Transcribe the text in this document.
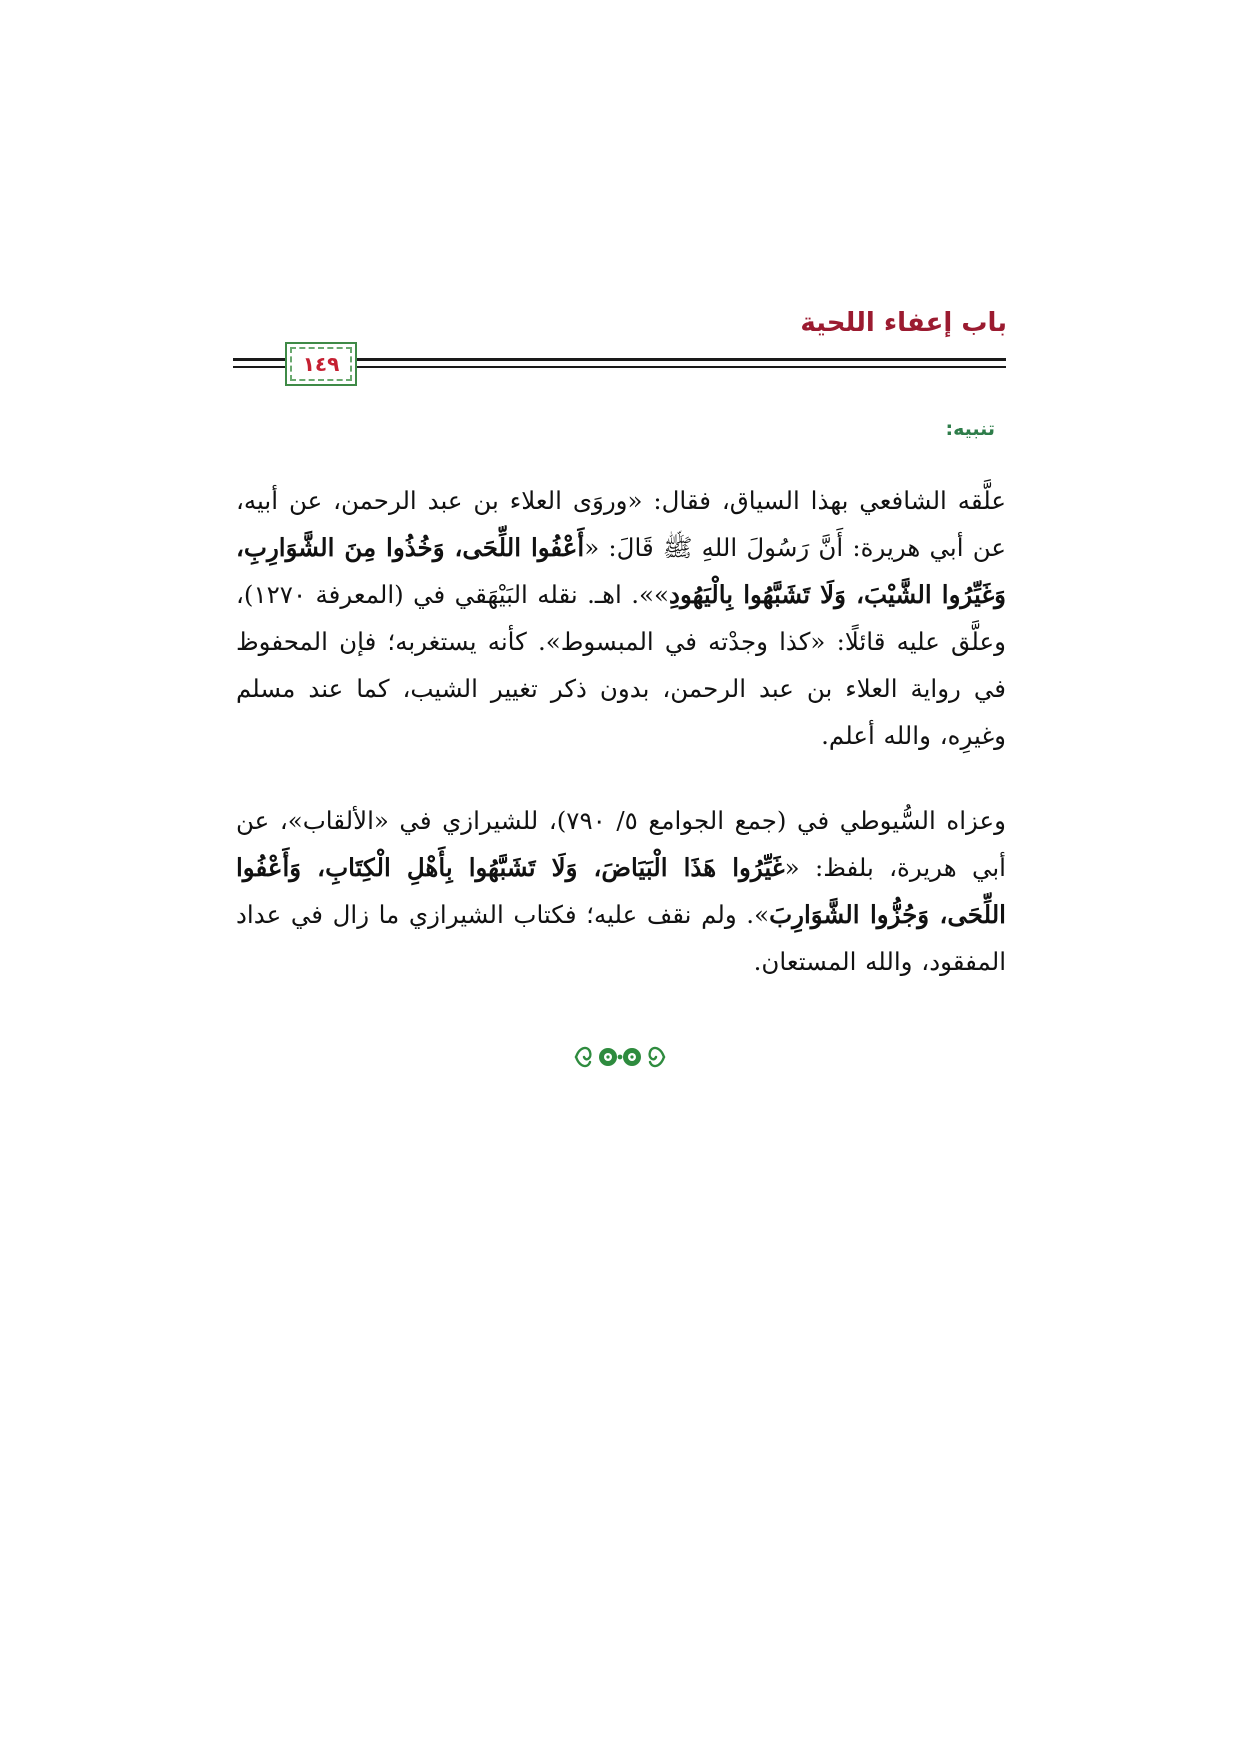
باب إعفاء اللحية
١٤٩

تنبيه:

علَّقه الشافعي بهذا السياق، فقال: «وروَى العلاء بن عبد الرحمن، عن أبيه، عن أبي هريرة: أَنَّ رَسُولَ اللهِ ﷺ قَالَ: «أَعْفُوا اللِّحَى، وَخُذُوا مِنَ الشَّوَارِبِ، وَغَيِّرُوا الشَّيْبَ، وَلَا تَشَبَّهُوا بِالْيَهُودِ»». اهـ. نقله البَيْهَقي في (المعرفة ١٢٧٠)، وعلَّق عليه قائلًا: «كذا وجدْته في المبسوط». كأنه يستغربه؛ فإن المحفوظ في رواية العلاء بن عبد الرحمن، بدون ذكر تغيير الشيب، كما عند مسلم وغيرِه، والله أعلم.

وعزاه السُّيوطي في (جمع الجوامع ٥/ ٧٩٠)، للشيرازي في «الألقاب»، عن أبي هريرة، بلفظ: «غَيِّرُوا هَذَا الْبَيَاضَ، وَلَا تَشَبَّهُوا بِأَهْلِ الْكِتَابِ، وَأَعْفُوا اللِّحَى، وَجُزُّوا الشَّوَارِبَ». ولم نقف عليه؛ فكتاب الشيرازي ما زال في عداد المفقود، والله المستعان.
